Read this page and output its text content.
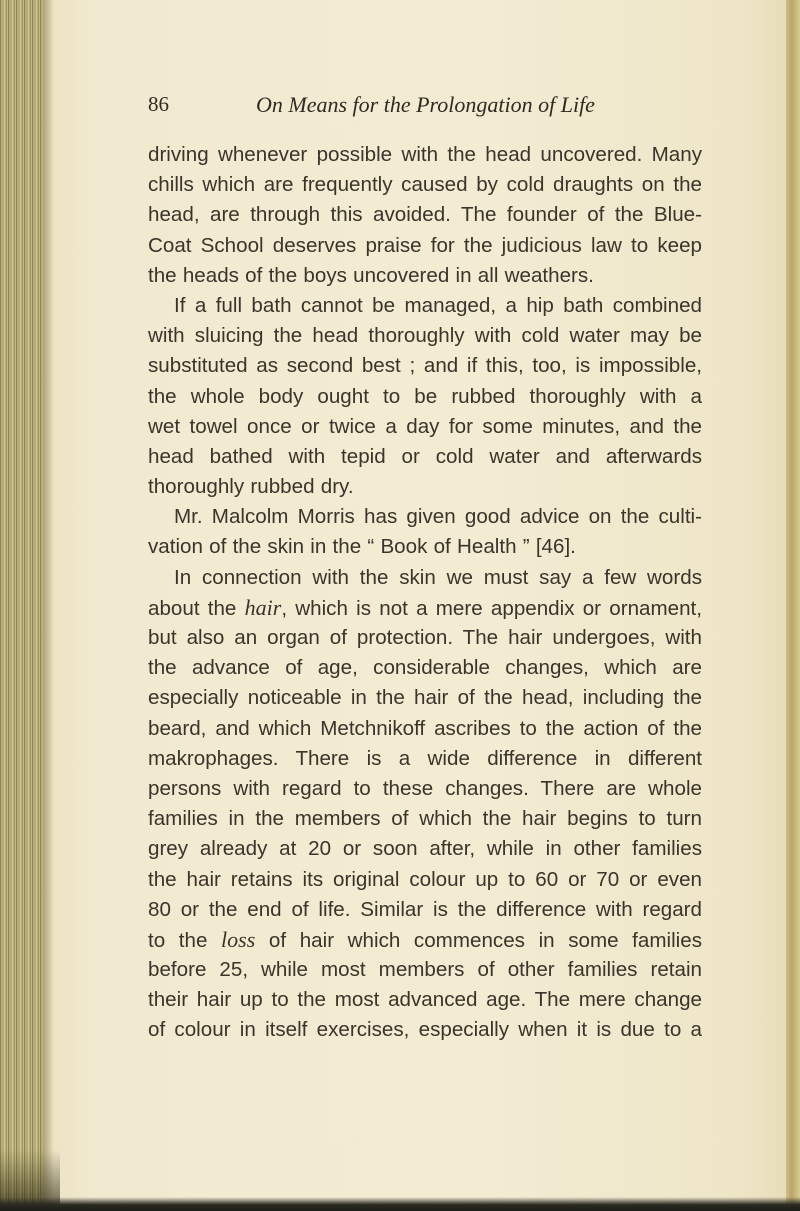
86	On Means for the Prolongation of Life
driving whenever possible with the head uncovered. Many
chills which are frequently caused by cold draughts on the
head, are through this avoided. The founder of the Blue-
Coat School deserves praise for the judicious law to keep
the heads of the boys uncovered in all weathers.
If a full bath cannot be managed, a hip bath combined
with sluicing the head thoroughly with cold water may be
substituted as second best ; and if this, too, is impossible,
the whole body ought to be rubbed thoroughly with a
wet towel once or twice a day for some minutes, and the
head bathed with tepid or cold water and afterwards
thoroughly rubbed dry.
Mr. Malcolm Morris has given good advice on the culti-
vation of the skin in the “ Book of Health ” [46].
In connection with the skin we must say a few words
about the hair, which is not a mere appendix or ornament,
but also an organ of protection. The hair undergoes, with
the advance of age, considerable changes, which are
especially noticeable in the hair of the head, including the
beard, and which Metchnikoff ascribes to the action of the
makrophages. There is a wide difference in different
persons with regard to these changes. There are whole
families in the members of which the hair begins to turn
grey already at 20 or soon after, while in other families
the hair retains its original colour up to 60 or 70 or even
80 or the end of life. Similar is the difference with regard
to the loss of hair which commences in some families
before 25, while most members of other families retain
their hair up to the most advanced age. The mere change
of colour in itself exercises, especially when it is due to a
